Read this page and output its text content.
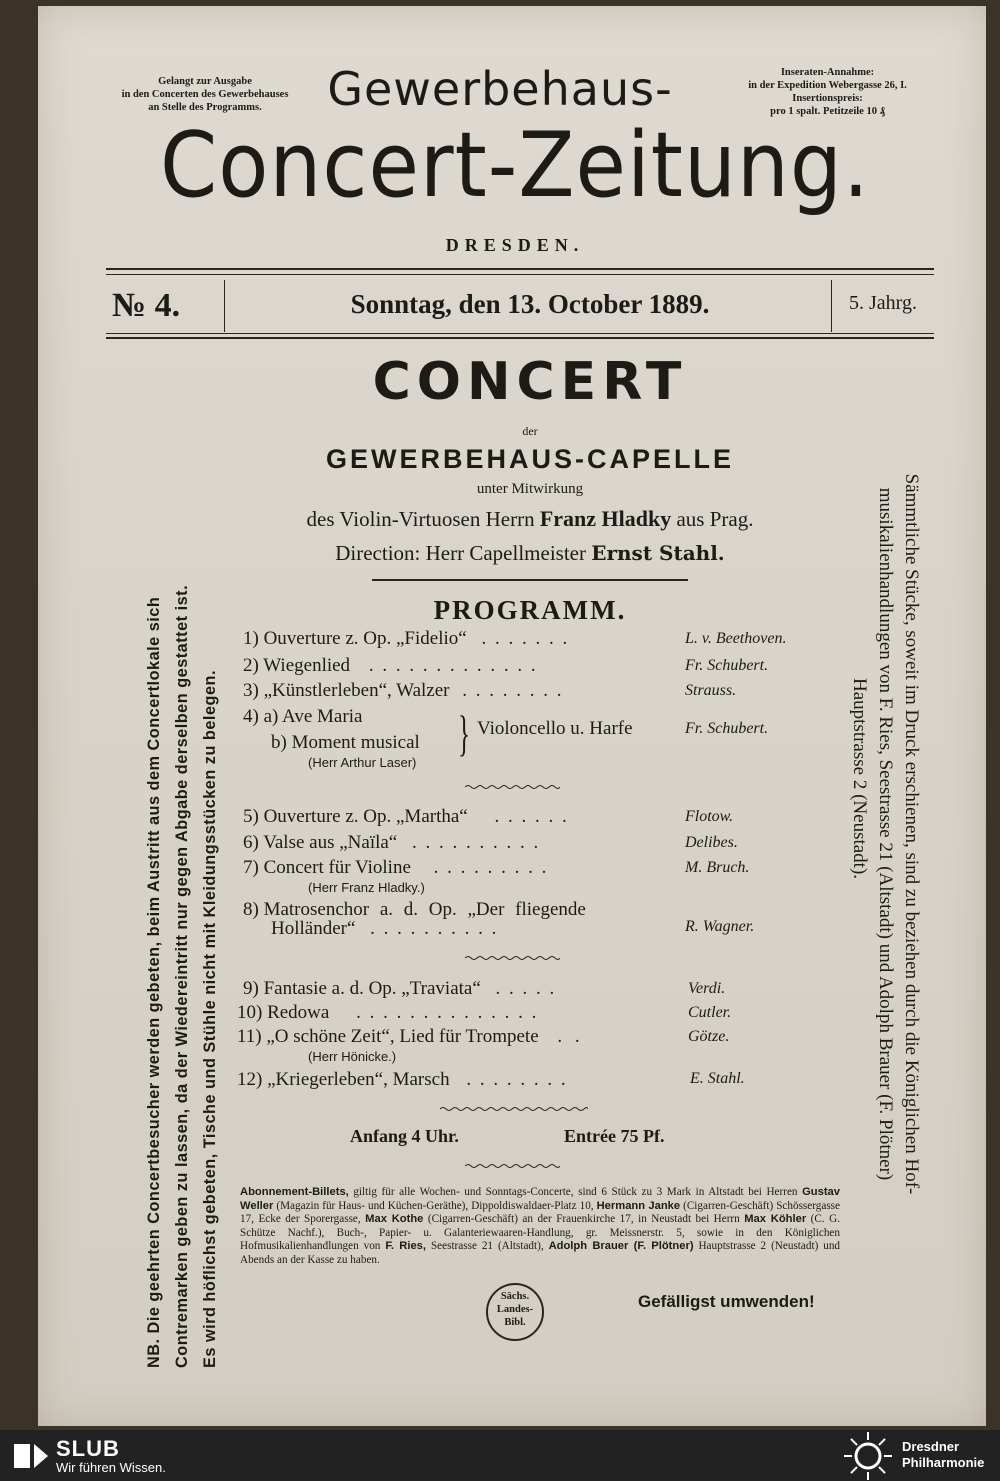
Gelangt zur Ausgabe
in den Concerten des Gewerbehauses
an Stelle des Programms.
Inseraten-Annahme:
in der Expedition Webergasse 26, I.
Insertionspreis:
pro 1 spalt. Petitzeile 10 ₰
Gewerbehaus-
Concert-Zeitung.
DRESDEN.
№ 4.	Sonntag, den 13. October 1889.	5. Jahrg.
CONCERT
der
GEWERBEHAUS-CAPELLE
unter Mitwirkung
des Violin-Virtuosen Herrn Franz Hladky aus Prag.
Direction: Herr Capellmeister Ernst Stahl.
PROGRAMM.
1) Ouverture z. Op. „Fidelio“ . . . . . . .	L. v. Beethoven.
2) Wiegenlied . . . . . . . . . . . . .	Fr. Schubert.
3) „Künstlerleben“, Walzer . . . . . . . .	Strauss.
4) a) Ave Maria
b) Moment musical } Violoncello u. Harfe	Fr. Schubert.
(Herr Arthur Laser)
5) Ouverture z. Op. „Martha“ . . . . . .	Flotow.
6) Valse aus „Naïla“ . . . . . . . . . .	Delibes.
7) Concert für Violine . . . . . . . . .	M. Bruch.
(Herr Franz Hladky.)
8) Matrosenchor a. d. Op. „Der fliegende
Holländer“ . . . . . . . . . .	R. Wagner.
9) Fantasie a. d. Op. „Traviata“ . . . . .	Verdi.
10) Redowa . . . . . . . . . . . . . .	Cutler.
11) „O schöne Zeit“, Lied für Trompete . .	Götze.
(Herr Hönicke.)
12) „Kriegerleben“, Marsch . . . . . . . .	E. Stahl.
Anfang 4 Uhr.	Entrée 75 Pf.
Abonnement-Billets, giltig für alle Wochen- und Sonntags-Concerte, sind 6 Stück zu 3 Mark in Altstadt bei Herren Gustav Weller (Magazin für Haus- und Küchen-Geräthe), Dippoldiswaldaer-Platz 10, Hermann Janke (Cigarren-Geschäft) Schössergasse 17, Ecke der Sporergasse, Max Kothe (Cigarren-Geschäft) an der Frauenkirche 17, in Neustadt bei Herrn Max Köhler (C. G. Schütze Nachf.), Buch-, Papier- u. Galanteriewaaren-Handlung, gr. Meissnerstr. 5, sowie in den Königlichen Hofmusikalienhandlungen von F. Ries, Seestrasse 21 (Altstadt), Adolph Brauer (F. Plötner) Hauptstrasse 2 (Neustadt) und Abends an der Kasse zu haben.
Sächs.
Landes-
Bibl.
Gefälligst umwenden!
NB. Die geehrten Concertbesucher werden gebeten, beim Austritt aus dem Concertlokale sich Contremarken geben zu lassen, da der Wiedereintritt nur gegen Abgabe derselben gestattet ist. Es wird höflichst gebeten, Tische und Stühle nicht mit Kleidungsstücken zu belegen.	Sämmtliche Stücke, soweit im Druck erschienen, sind zu beziehen durch die Königlichen Hof-
musikalienhandlungen von F. Ries, Seestrasse 21 (Altstadt) und Adolph Brauer (F. Plötner)
Hauptstrasse 2 (Neustadt).
SLUB
Wir führen Wissen.
Dresdner
Philharmonie
